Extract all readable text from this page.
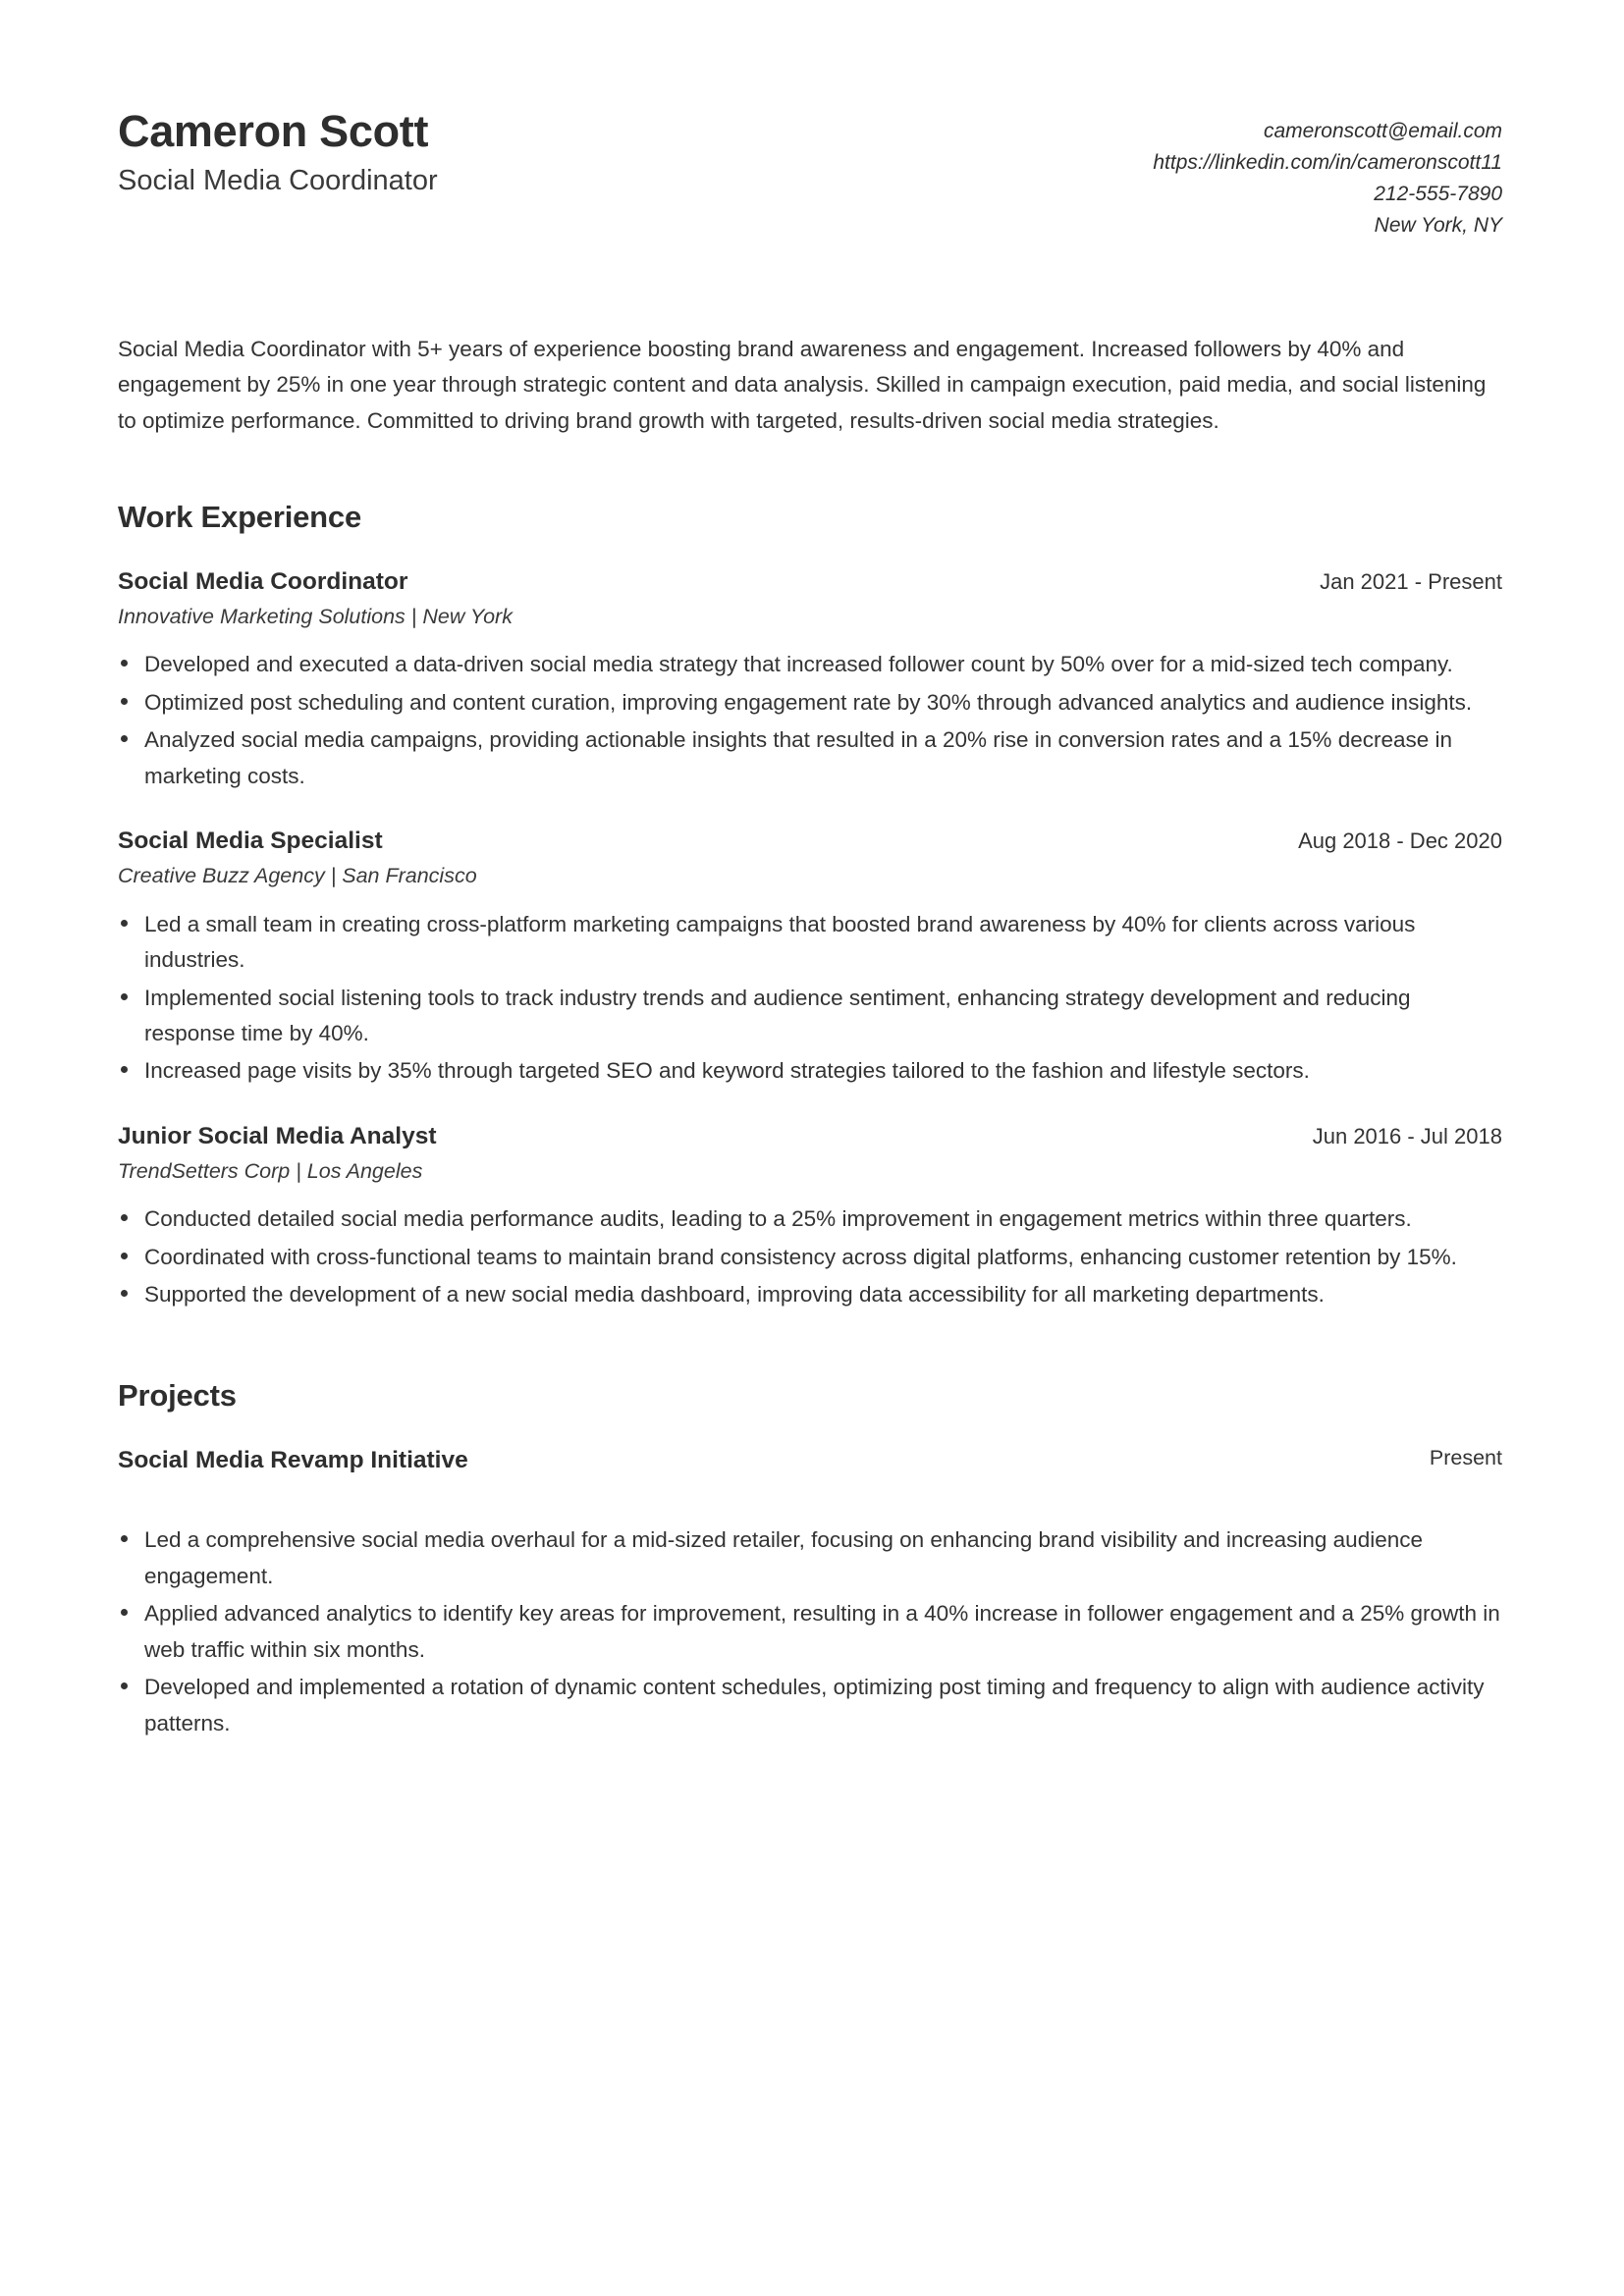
Cameron Scott
Social Media Coordinator
cameronscott@email.com
https://linkedin.com/in/cameronscott11
212-555-7890
New York, NY
Social Media Coordinator with 5+ years of experience boosting brand awareness and engagement. Increased followers by 40% and engagement by 25% in one year through strategic content and data analysis. Skilled in campaign execution, paid media, and social listening to optimize performance. Committed to driving brand growth with targeted, results-driven social media strategies.
Work Experience
Social Media Coordinator
Innovative Marketing Solutions | New York
Jan 2021 - Present
Developed and executed a data-driven social media strategy that increased follower count by 50% over for a mid-sized tech company.
Optimized post scheduling and content curation, improving engagement rate by 30% through advanced analytics and audience insights.
Analyzed social media campaigns, providing actionable insights that resulted in a 20% rise in conversion rates and a 15% decrease in marketing costs.
Social Media Specialist
Creative Buzz Agency | San Francisco
Aug 2018 - Dec 2020
Led a small team in creating cross-platform marketing campaigns that boosted brand awareness by 40% for clients across various industries.
Implemented social listening tools to track industry trends and audience sentiment, enhancing strategy development and reducing response time by 40%.
Increased page visits by 35% through targeted SEO and keyword strategies tailored to the fashion and lifestyle sectors.
Junior Social Media Analyst
TrendSetters Corp | Los Angeles
Jun 2016 - Jul 2018
Conducted detailed social media performance audits, leading to a 25% improvement in engagement metrics within three quarters.
Coordinated with cross-functional teams to maintain brand consistency across digital platforms, enhancing customer retention by 15%.
Supported the development of a new social media dashboard, improving data accessibility for all marketing departments.
Projects
Social Media Revamp Initiative	Present
Led a comprehensive social media overhaul for a mid-sized retailer, focusing on enhancing brand visibility and increasing audience engagement.
Applied advanced analytics to identify key areas for improvement, resulting in a 40% increase in follower engagement and a 25% growth in web traffic within six months.
Developed and implemented a rotation of dynamic content schedules, optimizing post timing and frequency to align with audience activity patterns.
